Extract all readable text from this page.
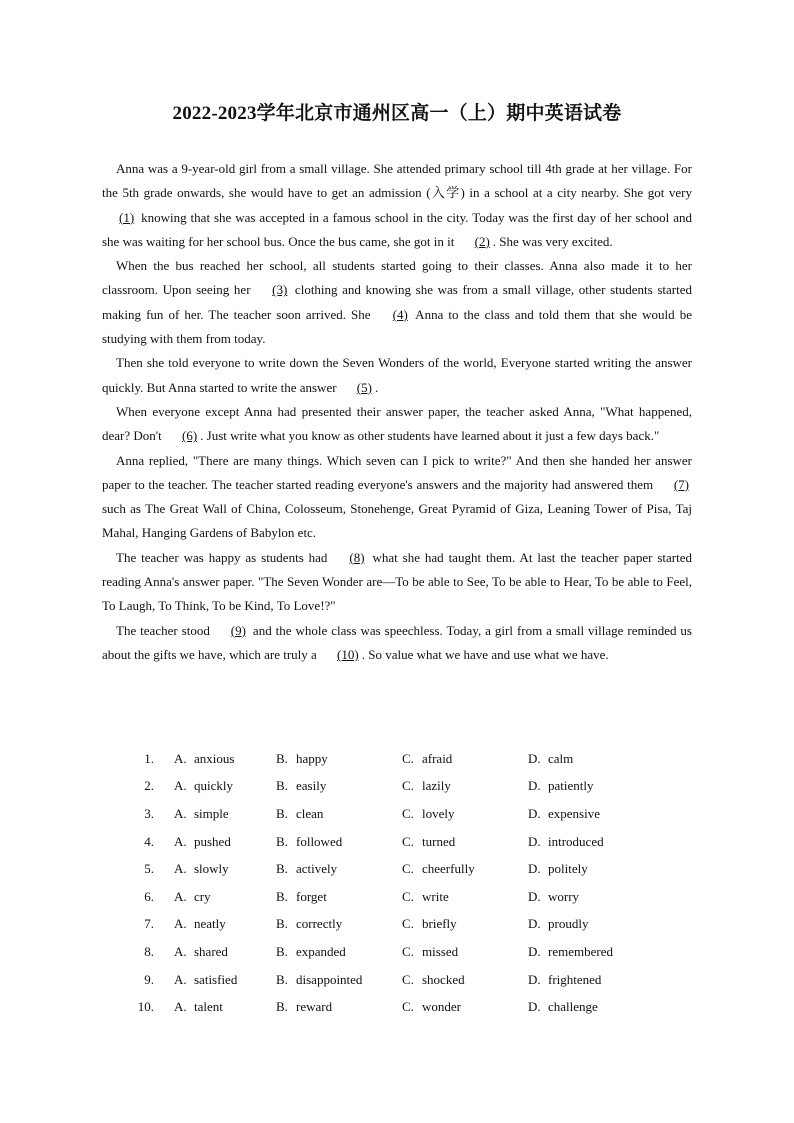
2022-2023学年北京市通州区高一（上）期中英语试卷

Anna was a 9-year-old girl from a small village. She attended primary school till 4th grade at her village. For the 5th grade onwards, she would have to get an admission (入学) in a school at a city nearby. She got very (1) knowing that she was accepted in a famous school in the city. Today was the first day of her school and she was waiting for her school bus. Once the bus came, she got in it (2) . She was very excited.

When the bus reached her school, all students started going to their classes. Anna also made it to her classroom. Upon seeing her (3) clothing and knowing she was from a small village, other students started making fun of her. The teacher soon arrived. She (4) Anna to the class and told them that she would be studying with them from today.

Then she told everyone to write down the Seven Wonders of the world, Everyone started writing the answer quickly. But Anna started to write the answer (5) .

When everyone except Anna had presented their answer paper, the teacher asked Anna, "What happened, dear? Don't (6) . Just write what you know as other students have learned about it just a few days back."

Anna replied, "There are many things. Which seven can I pick to write?" And then she handed her answer paper to the teacher. The teacher started reading everyone's answers and the majority had answered them (7) such as The Great Wall of China, Colosseum, Stonehenge, Great Pyramid of Giza, Leaning Tower of Pisa, Taj Mahal, Hanging Gardens of Babylon etc.

The teacher was happy as students had (8) what she had taught them. At last the teacher paper started reading Anna's answer paper. "The Seven Wonder are—To be able to See, To be able to Hear, To be able to Feel, To Laugh, To Think, To be Kind, To Love!?"

The teacher stood (9) and the whole class was speechless. Today, a girl from a small village reminded us about the gifts we have, which are truly a (10) . So value what we have and use what we have.

1. A. anxious	B. happy	C. afraid	D. calm
2. A. quickly	B. easily	C. lazily	D. patiently
3. A. simple	B. clean	C. lovely	D. expensive
4. A. pushed	B. followed	C. turned	D. introduced
5. A. slowly	B. actively	C. cheerfully	D. politely
6. A. cry	B. forget	C. write	D. worry
7. A. neatly	B. correctly	C. briefly	D. proudly
8. A. shared	B. expanded	C. missed	D. remembered
9. A. satisfied	B. disappointed	C. shocked	D. frightened
10. A. talent	B. reward	C. wonder	D. challenge
